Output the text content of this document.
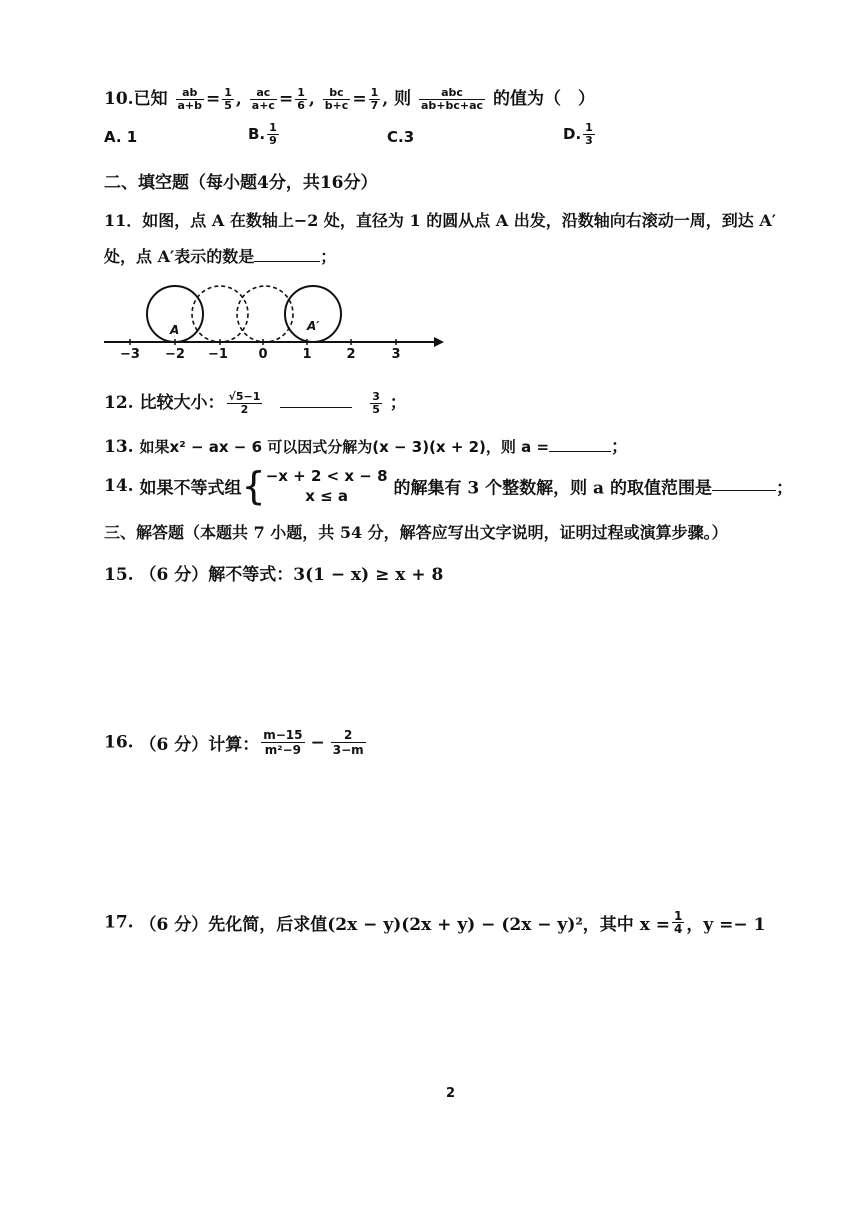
10.已知 $\frac{ab}{a+b} = \frac{1}{5}$ , $\frac{ac}{a+c} = \frac{1}{6}$ , $\frac{bc}{b+c} = \frac{1}{7}$ , 则 $\frac{\text{abc}}{ab+bc+ac}$ 的值为（　）
A. 1	B. $\frac{1}{9}$	C.3	D. $\frac{1}{3}$
二、填空题（每小题4分，共16分）
11．如图，点 A 在数轴上−2 处，直径为 1 的圆从点 A 出发，沿数轴向右滚动一周，到达 A′
处，点 A′表示的数是	；
−3 −2 −1 0	1	2	3
A	A′
12. 比较大小： $\frac{√5-1}{2}$
	$\frac{3}{5}$ ；
13. 如果x² − ax − 6 可以因式分解为(x − 3)(x + 2)，则 a =	；
14. 如果不等式组{ −x + 2 < x − 8
x ≤ a	的解集有 3 个整数解，则 a 的取值范围是	；
三、解答题（本题共 7 小题，共 54 分，解答应写出文字说明，证明过程或演算步骤。）
15. （6 分）解不等式：3(1 − x) ≥ x + 8
16. （6 分）计算： $\frac{m-15}{\text{m²−9}} - \frac{2}{3-m}$
17. （6 分）先化简，后求值(2x − y)(2x + y) − (2x − y)²，其中 $x = \frac{1}{4}$ ，y =− 1
2
